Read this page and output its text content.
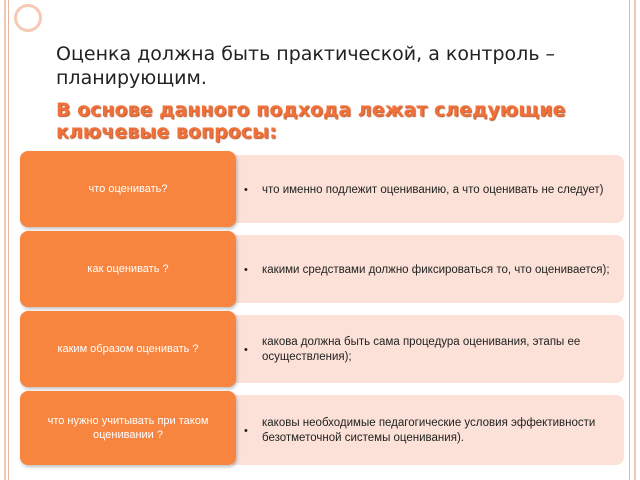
Оценка должна быть практической, а контроль – планирующим.
В основе данного подхода лежат следующие ключевые вопросы:
•	что именно подлежит оцениванию, а что оценивать не следует)
что оценивать?
•	какими средствами должно фиксироваться то, что оценивается);
как оценивать ?
•
какова должна быть сама процедура оценивания, этапы ее осуществления);
каким образом оценивать ?
•
каковы необходимые педагогические условия эффективности безотметочной системы оценивания).
что нужно учитывать при таком оценивании ?
